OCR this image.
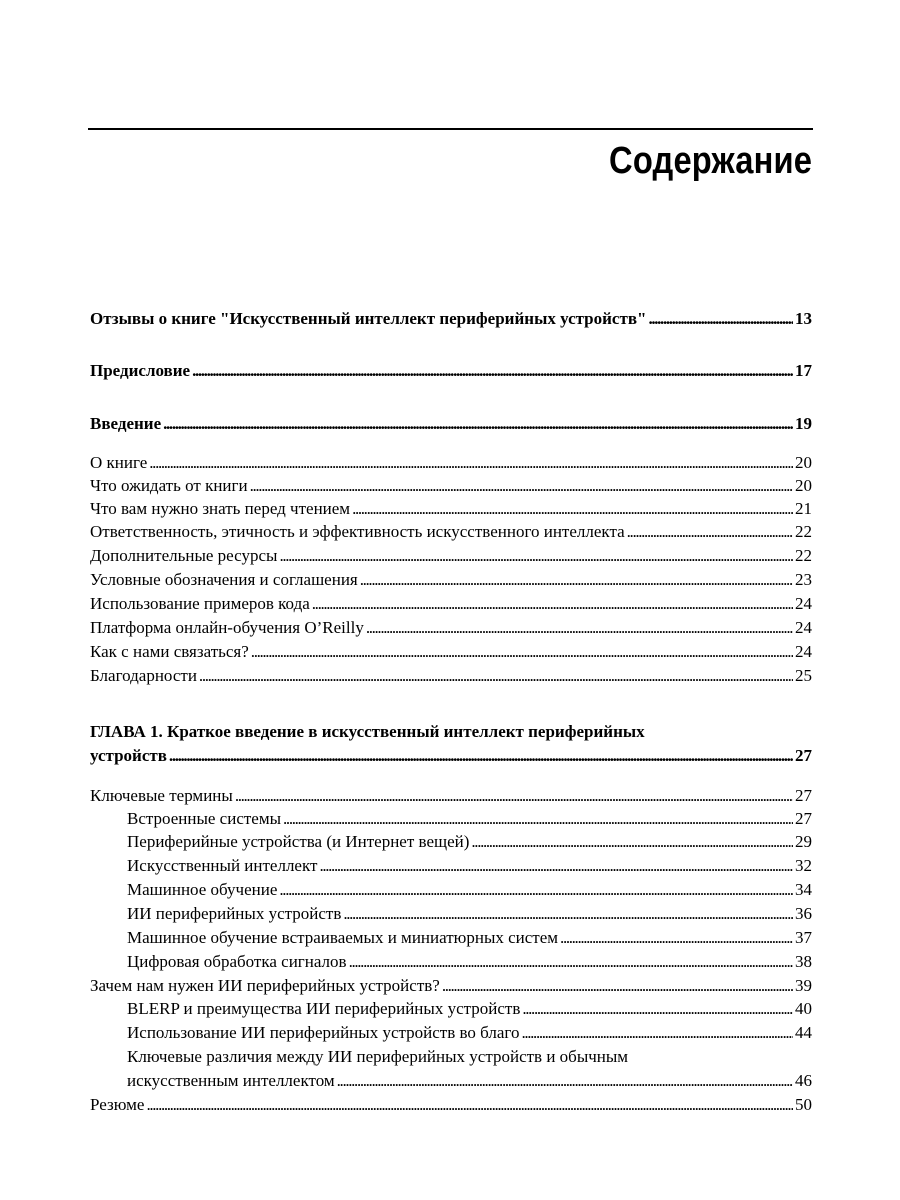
Содержание
Отзывы о книге "Искусственный интеллект периферийных устройств" . . .	13
Предисловие . . .	17
Введение . . .	19
О книге . . .	20
Что ожидать от книги . . .	20
Что вам нужно знать перед чтением . . .	21
Ответственность, этичность и эффективность искусственного интеллекта . . .	22
Дополнительные ресурсы . . .	22
Условные обозначения и соглашения . . .	23
Использование примеров кода . . .	24
Платформа онлайн-обучения O’Reilly . . .	24
Как с нами связаться? . . .	24
Благодарности . . .	25
ГЛАВА 1. Краткое введение в искусственный интеллект периферийных
устройств . . .	27
Ключевые термины . . .	27
Встроенные системы . . .	27
Периферийные устройства (и Интернет вещей) . . .	29
Искусственный интеллект . . .	32
Машинное обучение . . .	34
ИИ периферийных устройств . . .	36
Машинное обучение встраиваемых и миниатюрных систем . . .	37
Цифровая обработка сигналов . . .	38
Зачем нам нужен ИИ периферийных устройств? . . .	39
BLERP и преимущества ИИ периферийных устройств . . .	40
Использование ИИ периферийных устройств во благо . . .	44
Ключевые различия между ИИ периферийных устройств и обычным
искусственным интеллектом . . .	46
Резюме . . .	50
